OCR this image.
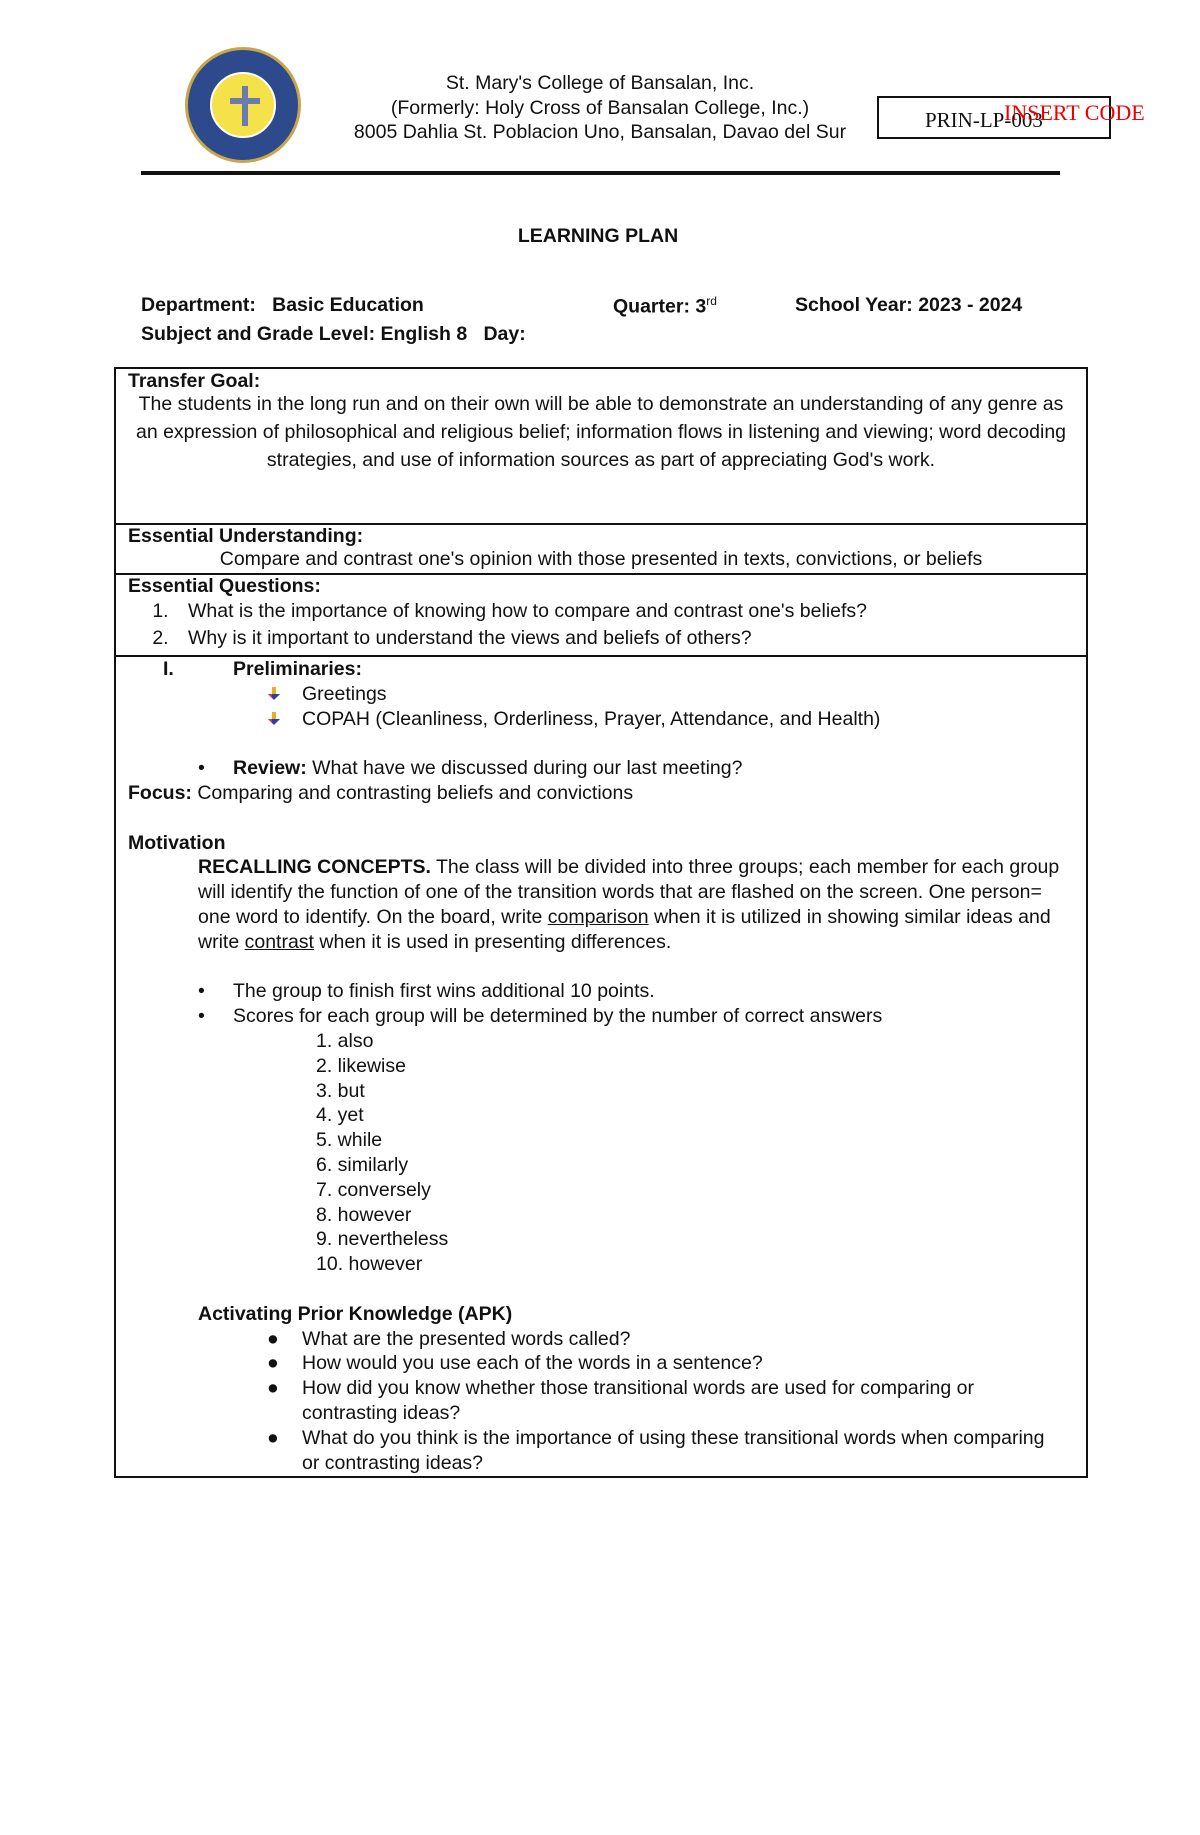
St. Mary's College of Bansalan, Inc.
(Formerly: Holy Cross of Bansalan College, Inc.)
8005 Dahlia St. Poblacion Uno, Bansalan, Davao del Sur	PRIN-LP-003
INSERT CODE
LEARNING PLAN
Department: Basic Education	Quarter: 3rd	School Year: 2023 - 2024
Subject and Grade Level: English 8 Day:
Transfer Goal:
The students in the long run and on their own will be able to demonstrate an understanding of any genre as an expression of philosophical and religious belief; information flows in listening and viewing; word decoding strategies, and use of information sources as part of appreciating God's work.
Essential Understanding:
Compare and contrast one's opinion with those presented in texts, convictions, or beliefs
Essential Questions:
1. What is the importance of knowing how to compare and contrast one's beliefs?
2. Why is it important to understand the views and beliefs of others?
I.	Preliminaries:
Greetings
COPAH (Cleanliness, Orderliness, Prayer, Attendance, and Health)
•	Review: What have we discussed during our last meeting?
Focus: Comparing and contrasting beliefs and convictions
Motivation
RECALLING CONCEPTS. The class will be divided into three groups; each member for each group will identify the function of one of the transition words that are flashed on the screen. One person= one word to identify. On the board, write comparison when it is utilized in showing similar ideas and write contrast when it is used in presenting differences.
•	The group to finish first wins additional 10 points.
•	Scores for each group will be determined by the number of correct answers
1. also
2. likewise
3. but
4. yet
5. while
6. similarly
7. conversely
8. however
9. nevertheless
10. however
Activating Prior Knowledge (APK)
●	What are the presented words called?
●	How would you use each of the words in a sentence?
●	How did you know whether those transitional words are used for comparing or contrasting ideas?
●	What do you think is the importance of using these transitional words when comparing or contrasting ideas?
